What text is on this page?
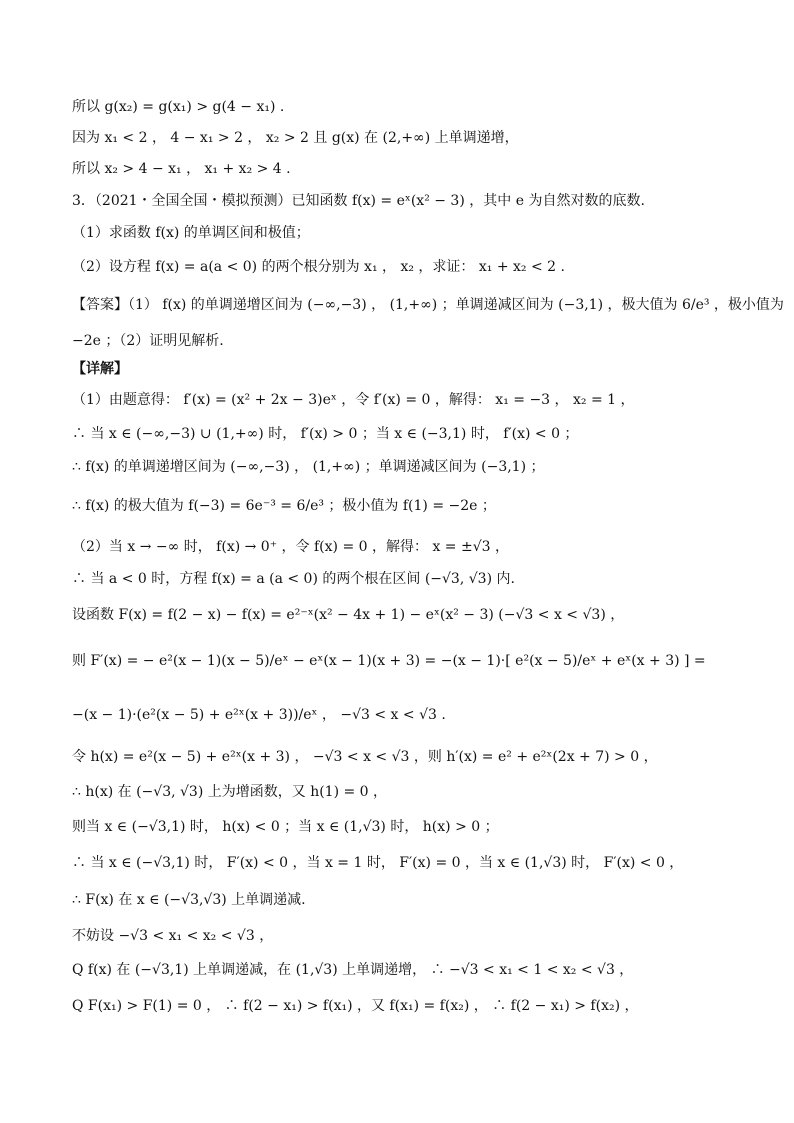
所以 g(x₂) = g(x₁) > g(4 − x₁) .
因为 x₁ < 2 ， 4 − x₁ > 2 ， x₂ > 2 且 g(x) 在 (2,+∞) 上单调递增，
所以 x₂ > 4 − x₁ ， x₁ + x₂ > 4 .
3．（2021・全国全国・模拟预测）已知函数 f(x) = eˣ(x² − 3) ，其中 e 为自然对数的底数.
（1）求函数 f(x) 的单调区间和极值；
（2）设方程 f(x) = a(a < 0) 的两个根分别为 x₁ ， x₂ ，求证： x₁ + x₂ < 2 .
【答案】（1） f(x) 的单调递增区间为 (−∞,−3) ， (1,+∞) ；单调递减区间为 (−3,1) ，极大值为 6/e³ ，极小值为
−2e ；（2）证明见解析.
【详解】
（1）由题意得： f′(x) = (x² + 2x − 3)eˣ ，令 f′(x) = 0 ，解得： x₁ = −3 ， x₂ = 1 ，
∴ 当 x ∈ (−∞,−3) ∪ (1,+∞) 时， f′(x) > 0 ；当 x ∈ (−3,1) 时， f′(x) < 0 ；
∴ f(x) 的单调递增区间为 (−∞,−3) ， (1,+∞) ；单调递减区间为 (−3,1) ；
∴ f(x) 的极大值为 f(−3) = 6e⁻³ = 6/e³ ；极小值为 f(1) = −2e ；
（2）当 x → −∞ 时， f(x) → 0⁺ ，令 f(x) = 0 ，解得： x = ±√3 ，
∴ 当 a < 0 时，方程 f(x) = a (a < 0) 的两个根在区间 (−√3, √3) 内.
设函数 F(x) = f(2 − x) − f(x) = e²⁻ˣ(x² − 4x + 1) − eˣ(x² − 3) (−√3 < x < √3) ，
则 F′(x) = − e²(x − 1)(x − 5)/eˣ − eˣ(x − 1)(x + 3) = −(x − 1)·[ e²(x − 5)/eˣ + eˣ(x + 3) ] =
−(x − 1)·(e²(x − 5) + e²ˣ(x + 3))/eˣ ， −√3 < x < √3 .
令 h(x) = e²(x − 5) + e²ˣ(x + 3) ， −√3 < x < √3 ，则 h′(x) = e² + e²ˣ(2x + 7) > 0 ，
∴ h(x) 在 (−√3, √3) 上为增函数，又 h(1) = 0 ，
则当 x ∈ (−√3,1) 时， h(x) < 0 ；当 x ∈ (1,√3) 时， h(x) > 0 ；
∴ 当 x ∈ (−√3,1) 时， F′(x) < 0 ，当 x = 1 时， F′(x) = 0 ，当 x ∈ (1,√3) 时， F′(x) < 0 ，
∴ F(x) 在 x ∈ (−√3,√3) 上单调递减.
不妨设 −√3 < x₁ < x₂ < √3 ，
Q f(x) 在 (−√3,1) 上单调递减，在 (1,√3) 上单调递增， ∴ −√3 < x₁ < 1 < x₂ < √3 ，
Q F(x₁) > F(1) = 0 ， ∴ f(2 − x₁) > f(x₁) ，又 f(x₁) = f(x₂) ， ∴ f(2 − x₁) > f(x₂) ，
